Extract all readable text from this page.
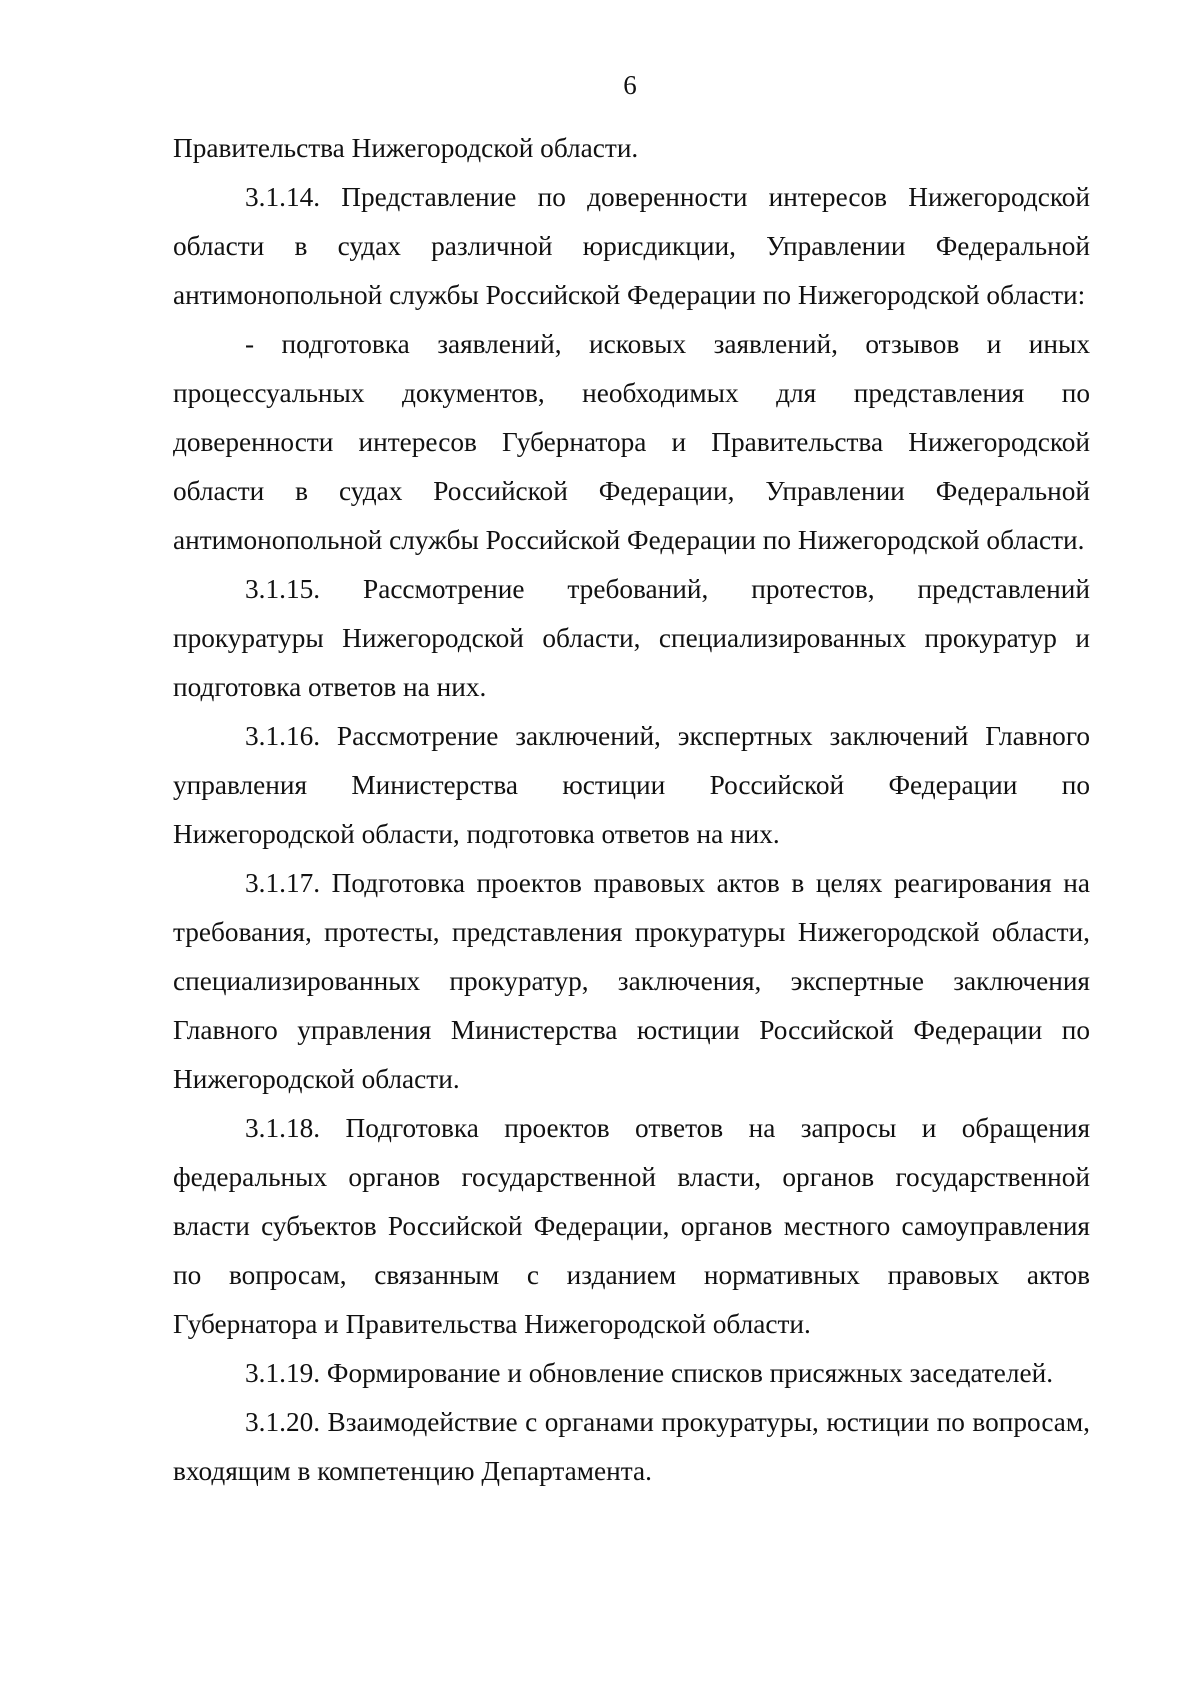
6

Правительства Нижегородской области.

3.1.14. Представление по доверенности интересов Нижегородской области в судах различной юрисдикции, Управлении Федеральной антимонопольной службы Российской Федерации по Нижегородской области:

- подготовка заявлений, исковых заявлений, отзывов и иных процессуальных документов, необходимых для представления по доверенности интересов Губернатора и Правительства Нижегородской области в судах Российской Федерации, Управлении Федеральной антимонопольной службы Российской Федерации по Нижегородской области.

3.1.15. Рассмотрение требований, протестов, представлений прокуратуры Нижегородской области, специализированных прокуратур и подготовка ответов на них.

3.1.16. Рассмотрение заключений, экспертных заключений Главного управления Министерства юстиции Российской Федерации по Нижегородской области, подготовка ответов на них.

3.1.17. Подготовка проектов правовых актов в целях реагирования на требования, протесты, представления прокуратуры Нижегородской области, специализированных прокуратур, заключения, экспертные заключения Главного управления Министерства юстиции Российской Федерации по Нижегородской области.

3.1.18. Подготовка проектов ответов на запросы и обращения федеральных органов государственной власти, органов государственной власти субъектов Российской Федерации, органов местного самоуправления по вопросам, связанным с изданием нормативных правовых актов Губернатора и Правительства Нижегородской области.

3.1.19. Формирование и обновление списков присяжных заседателей.

3.1.20. Взаимодействие с органами прокуратуры, юстиции по вопросам, входящим в компетенцию Департамента.
